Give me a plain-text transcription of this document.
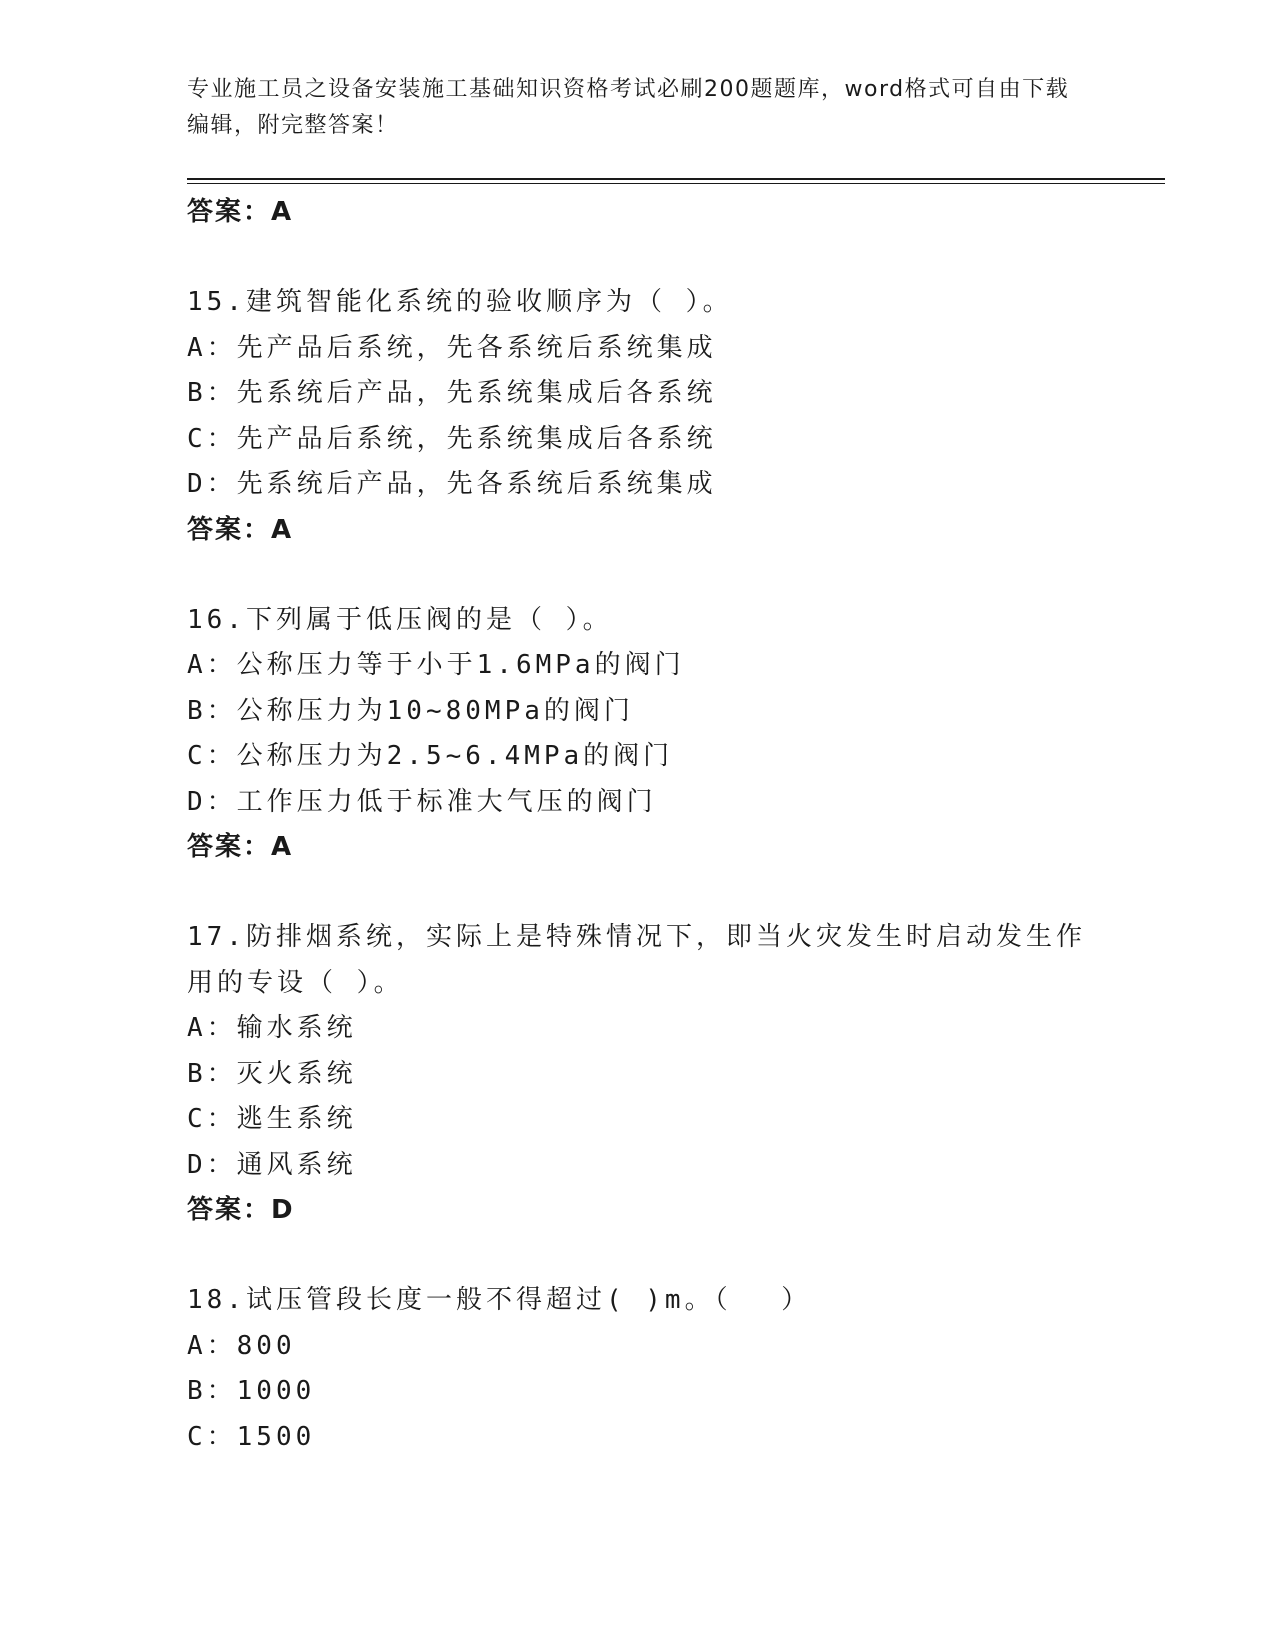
专业施工员之设备安装施工基础知识资格考试必刷200题题库，word格式可自由下载编辑，附完整答案！
答案：A
15.建筑智能化系统的验收顺序为（ ）。
A：先产品后系统，先各系统后系统集成
B：先系统后产品，先系统集成后各系统
C：先产品后系统，先系统集成后各系统
D：先系统后产品，先各系统后系统集成
答案：A
16.下列属于低压阀的是（ ）。
A：公称压力等于小于1.6MPa的阀门
B：公称压力为10~80MPa的阀门
C：公称压力为2.5~6.4MPa的阀门
D：工作压力低于标准大气压的阀门
答案：A
17.防排烟系统，实际上是特殊情况下，即当火灾发生时启动发生作用的专设（ ）。
A：输水系统
B：灭火系统
C：逃生系统
D：通风系统
答案：D
18.试压管段长度一般不得超过( )m。（　 ）
A：800
B：1000
C：1500
